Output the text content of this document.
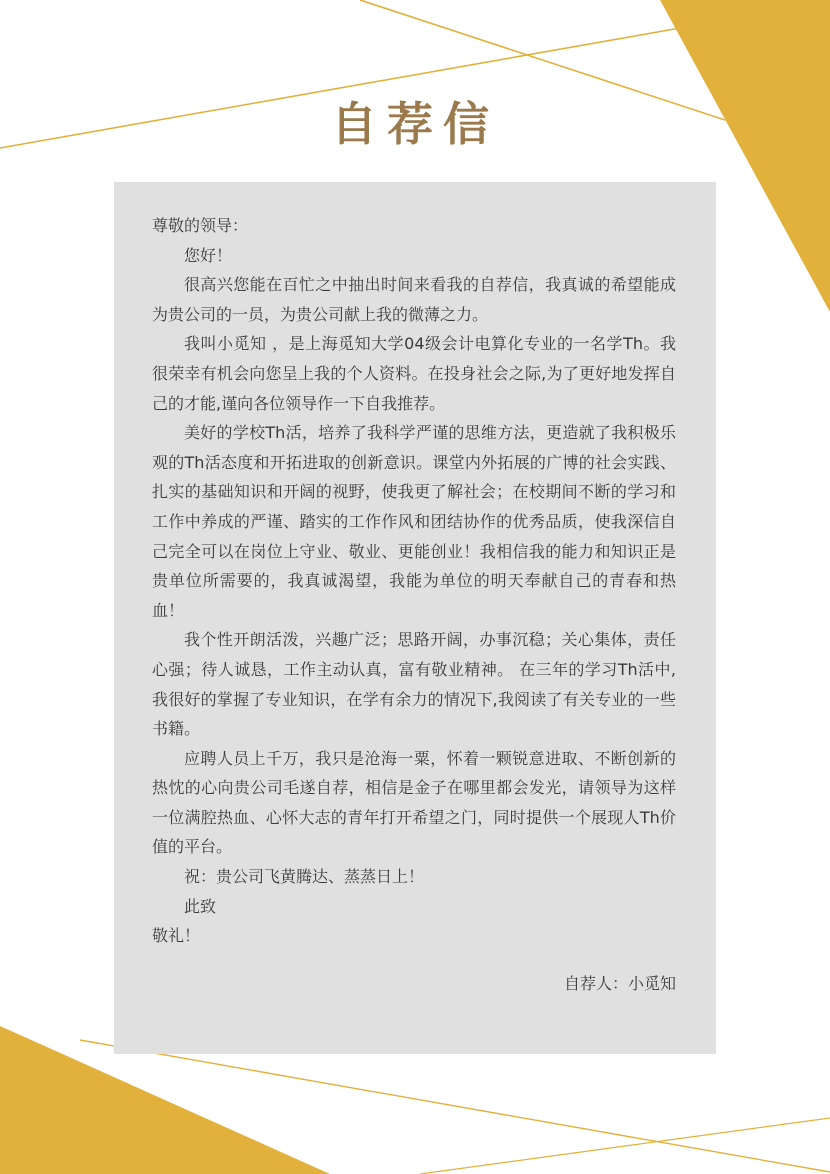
自荐信

尊敬的领导：

您好！

很高兴您能在百忙之中抽出时间来看我的自荐信，我真诚的希望能成为贵公司的一员，为贵公司献上我的微薄之力。

我叫小觅知 ，是上海觅知大学04级会计电算化专业的一名学Th。我很荣幸有机会向您呈上我的个人资料。在投身社会之际,为了更好地发挥自己的才能,谨向各位领导作一下自我推荐。

美好的学校Th活，培养了我科学严谨的思维方法，更造就了我积极乐观的Th活态度和开拓进取的创新意识。课堂内外拓展的广博的社会实践、扎实的基础知识和开阔的视野，使我更了解社会；在校期间不断的学习和工作中养成的严谨、踏实的工作作风和团结协作的优秀品质，使我深信自己完全可以在岗位上守业、敬业、更能创业！我相信我的能力和知识正是贵单位所需要的，我真诚渴望，我能为单位的明天奉献自己的青春和热血！

我个性开朗活泼，兴趣广泛；思路开阔，办事沉稳；关心集体，责任心强；待人诚恳，工作主动认真，富有敬业精神。 在三年的学习Th活中, 我很好的掌握了专业知识，在学有余力的情况下,我阅读了有关专业的一些书籍。

应聘人员上千万，我只是沧海一粟，怀着一颗锐意进取、不断创新的热忱的心向贵公司毛遂自荐，相信是金子在哪里都会发光，请领导为这样一位满腔热血、心怀大志的青年打开希望之门，同时提供一个展现人Th价值的平台。

祝：贵公司飞黄腾达、蒸蒸日上！

此致

敬礼！

自荐人：小觅知
